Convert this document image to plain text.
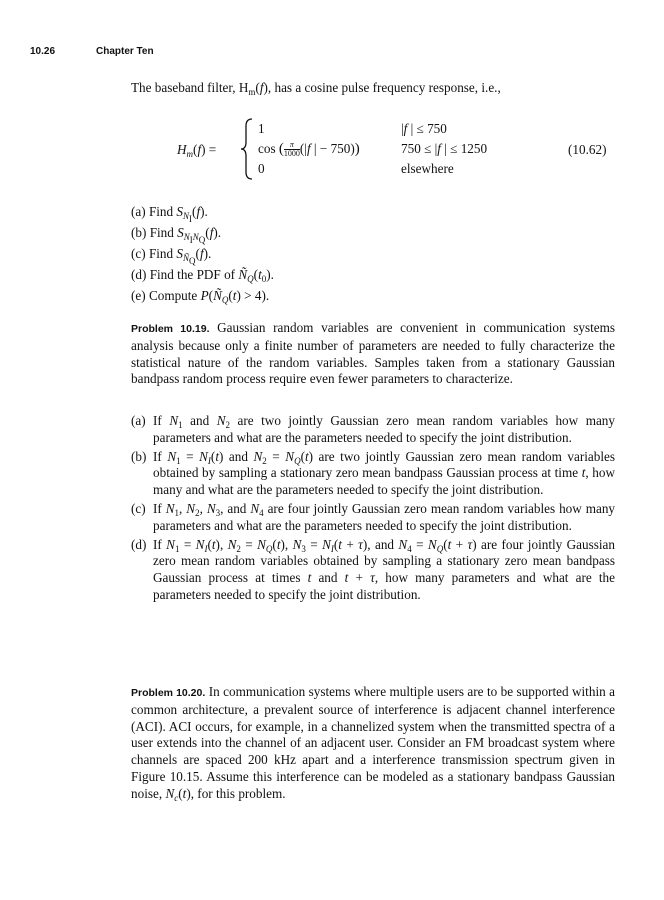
10.26	Chapter Ten
The baseband filter, $H_m(f)$, has a cosine pulse frequency response, i.e.,
$H_m(f)$ =
1	|f | ≤ 750
cos ( $\frac{\pi}{1000} (|f$ | − 750))	750 ≤ |f | ≤ 1250
0	elsewhere
(10.62)
(a) Find $S_{N_I}(f)$.
(b) Find $S_{N_IN_Q}(f)$.
(c) Find $S_{Ñ_Q}(f)$.
(d) Find the PDF of $Ñ_Q(t_0)$.
(e) Compute $P(Ñ_Q(t) > 4)$.
Problem 10.19. Gaussian random variables are convenient in communication systems analysis because only a finite number of parameters are needed to fully characterize the statistical nature of the random variables. Samples taken from a stationary Gaussian bandpass random process require even fewer parameters to characterize.
(a) If $N_1$ and $N_2$ are two jointly Gaussian zero mean random variables how many parameters and what are the parameters needed to specify the joint distribution.
(b) If $N_1 = N_I(t)$ and $N_2 = N_Q(t)$ are two jointly Gaussian zero mean random variables obtained by sampling a stationary zero mean bandpass Gaussian process at time t, how many and what are the parameters needed to specify the joint distribution.
(c) If $N_1$, $N_2$, $N_3$, and $N_4$ are four jointly Gaussian zero mean random variables how many parameters and what are the parameters needed to specify the joint distribution.
(d) If $N_1 = N_I(t)$, $N_2 = N_Q(t)$, $N_3 = N_I(t + \tau)$, and $N_4 = N_Q(t + \tau)$ are four jointly Gaussian zero mean random variables obtained by sampling a stationary zero mean bandpass Gaussian process at times t and t + τ, how many parameters and what are the parameters needed to specify the joint distribution.
Problem 10.20. In communication systems where multiple users are to be supported within a common architecture, a prevalent source of interference is adjacent channel interference (ACI). ACI occurs, for example, in a channelized system when the transmitted spectra of a user extends into the channel of an adjacent user. Consider an FM broadcast system where channels are spaced 200 kHz apart and a interference transmission spectrum given in Figure 10.15. Assume this interference can be modeled as a stationary bandpass Gaussian noise, $N_c(t)$, for this problem.
